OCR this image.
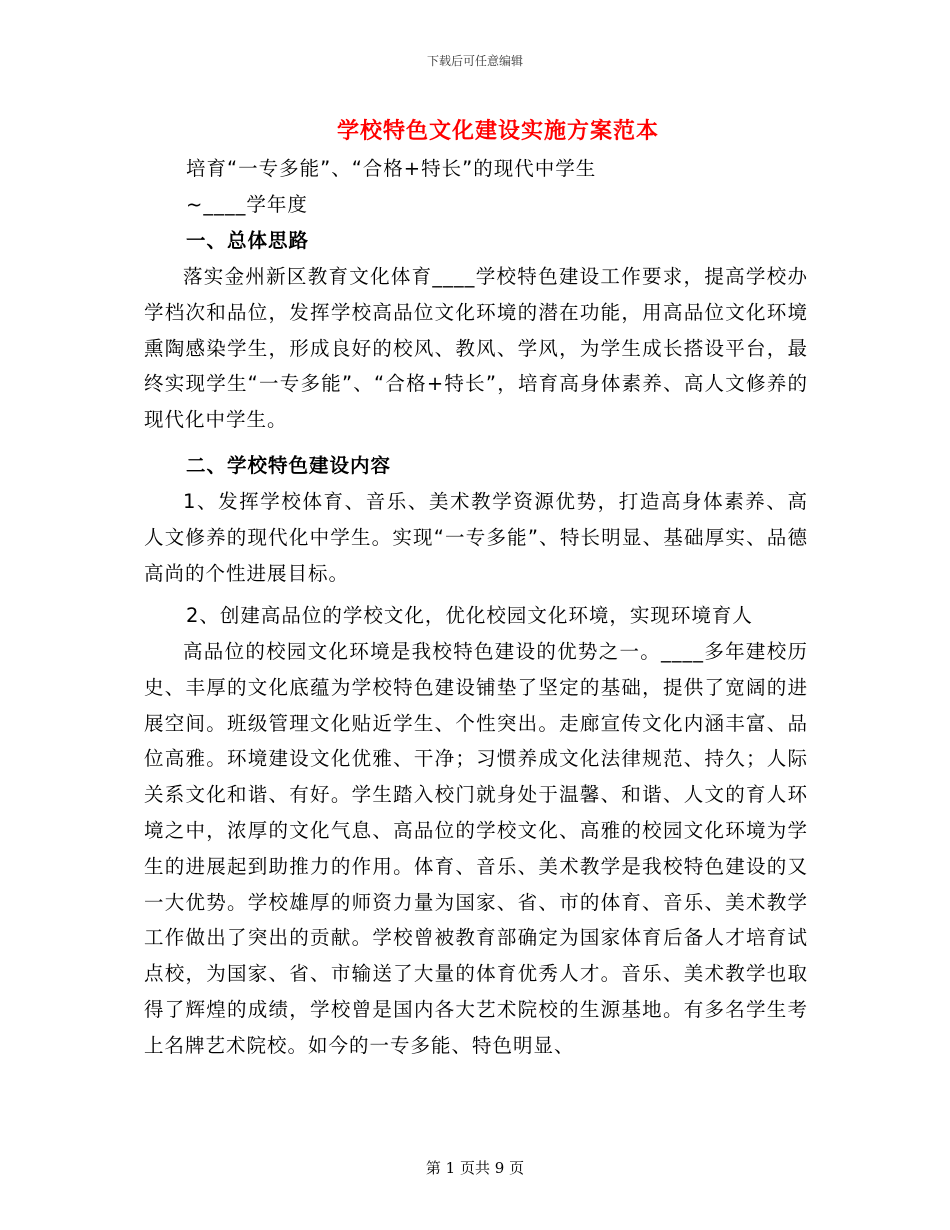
下载后可任意编辑
学校特色文化建设实施方案范本

培育“一专多能”、“合格+特长”的现代中学生

~____学年度

一、总体思路

落实金州新区教育文化体育____学校特色建设工作要求，提高学校办学档次和品位，发挥学校高品位文化环境的潜在功能，用高品位文化环境熏陶感染学生，形成良好的校风、教风、学风，为学生成长搭设平台，最终实现学生“一专多能”、“合格+特长”，培育高身体素养、高人文修养的现代化中学生。

二、学校特色建设内容

1、发挥学校体育、音乐、美术教学资源优势，打造高身体素养、高人文修养的现代化中学生。实现“一专多能”、特长明显、基础厚实、品德高尚的个性进展目标。

2、创建高品位的学校文化，优化校园文化环境，实现环境育人

高品位的校园文化环境是我校特色建设的优势之一。____多年建校历史、丰厚的文化底蕴为学校特色建设铺垫了坚定的基础，提供了宽阔的进展空间。班级管理文化贴近学生、个性突出。走廊宣传文化内涵丰富、品位高雅。环境建设文化优雅、干净；习惯养成文化法律规范、持久；人际关系文化和谐、有好。学生踏入校门就身处于温馨、和谐、人文的育人环境之中，浓厚的文化气息、高品位的学校文化、高雅的校园文化环境为学生的进展起到助推力的作用。体育、音乐、美术教学是我校特色建设的又一大优势。学校雄厚的师资力量为国家、省、市的体育、音乐、美术教学工作做出了突出的贡献。学校曾被教育部确定为国家体育后备人才培育试点校，为国家、省、市输送了大量的体育优秀人才。音乐、美术教学也取得了辉煌的成绩，学校曾是国内各大艺术院校的生源基地。有多名学生考上名牌艺术院校。如今的一专多能、特色明显、

第 1 页共 9 页
